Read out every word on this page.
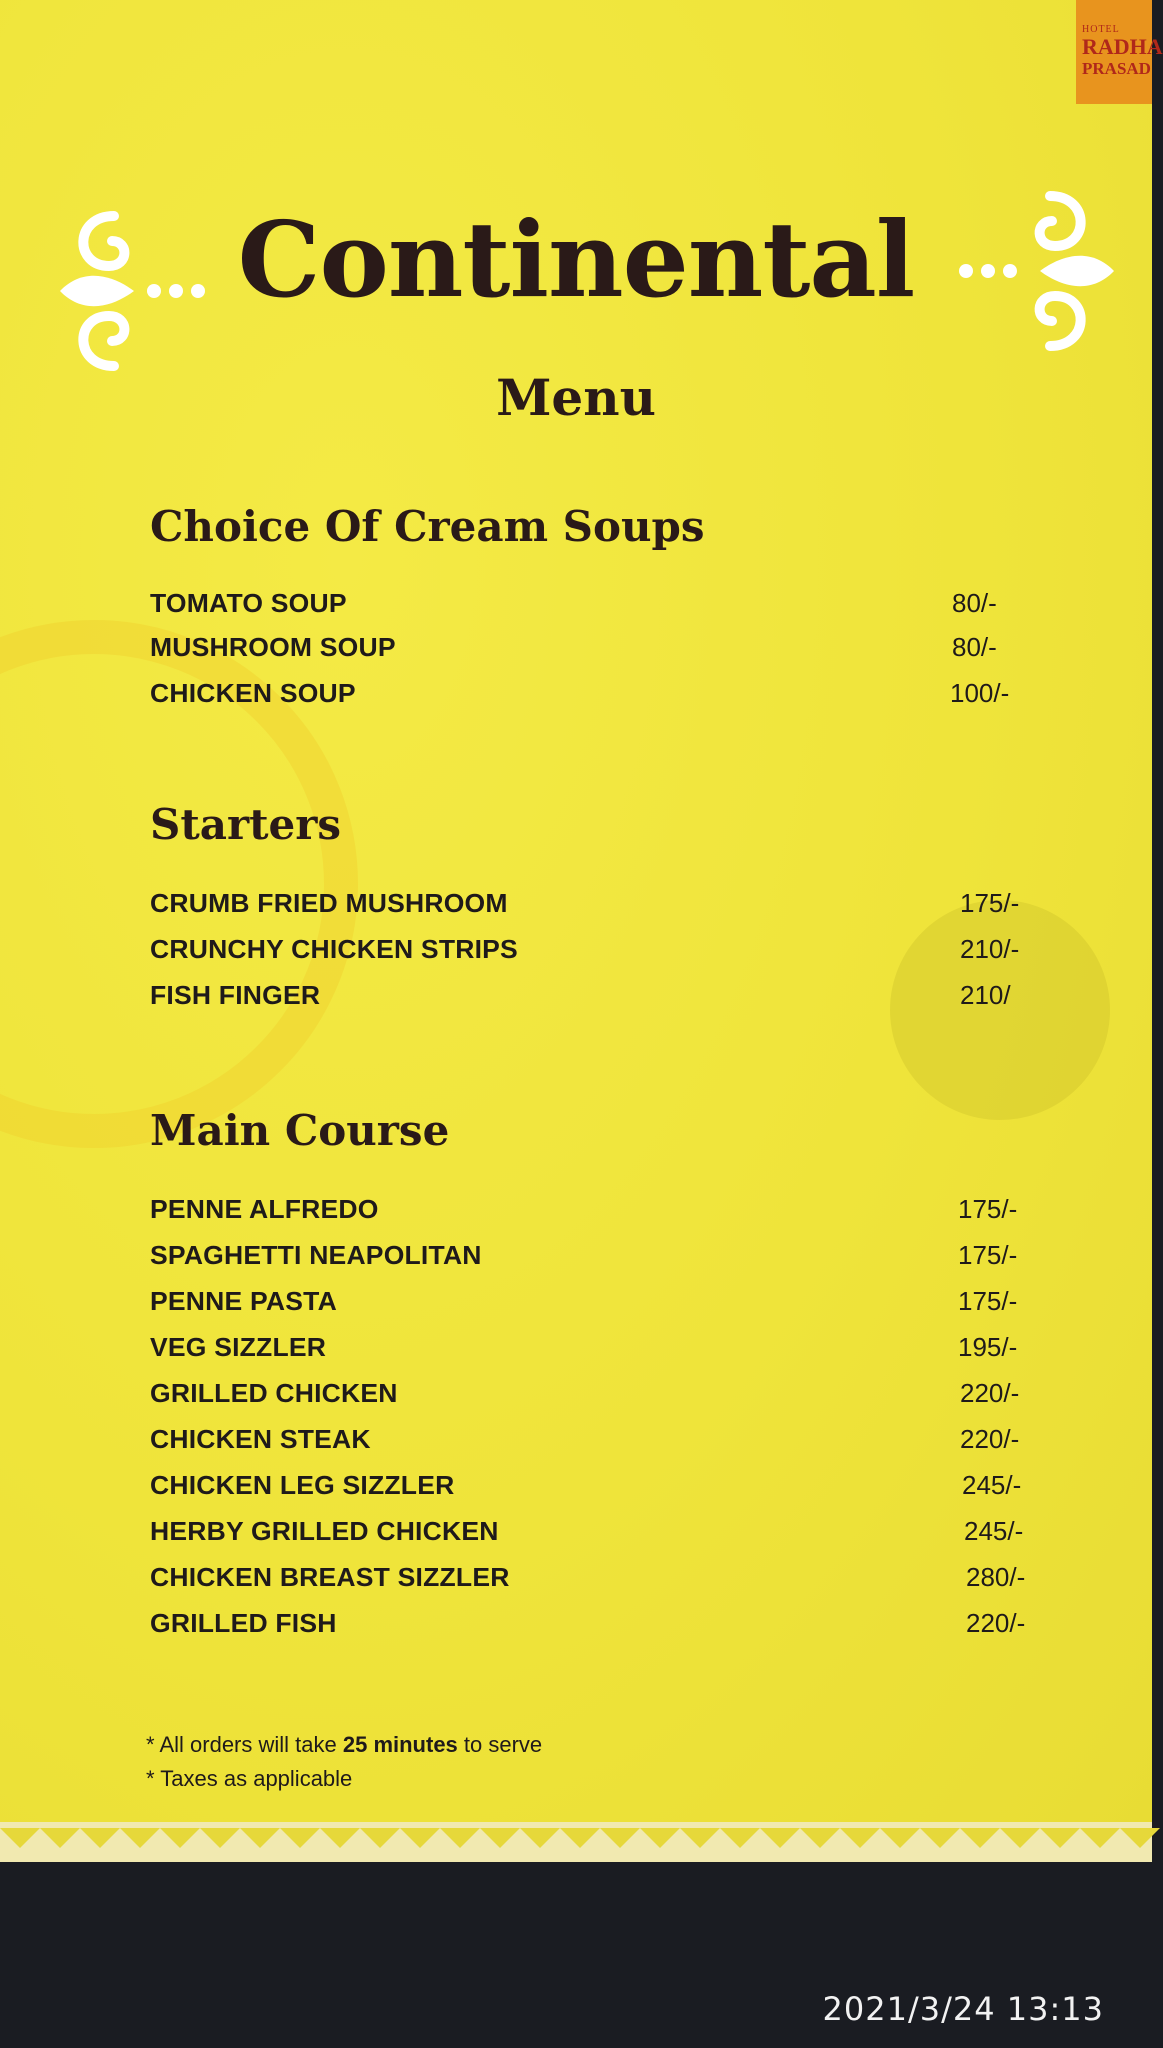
HOTEL
RADHA
PRASAD
Continental
Menu
Choice Of Cream Soups
TOMATO SOUP	80/-
MUSHROOM SOUP	80/-
CHICKEN SOUP	100/-
Starters
CRUMB FRIED MUSHROOM	175/-
CRUNCHY CHICKEN STRIPS	210/-
FISH FINGER	210/
Main Course
PENNE ALFREDO	175/-
SPAGHETTI NEAPOLITAN	175/-
PENNE PASTA	175/-
VEG SIZZLER	195/-
GRILLED CHICKEN	220/-
CHICKEN STEAK	220/-
CHICKEN LEG SIZZLER	245/-
HERBY GRILLED CHICKEN	245/-
CHICKEN BREAST SIZZLER	280/-
GRILLED FISH	220/-
* All orders will take 25 minutes to serve
* Taxes as applicable
2021/3/24 13:13
